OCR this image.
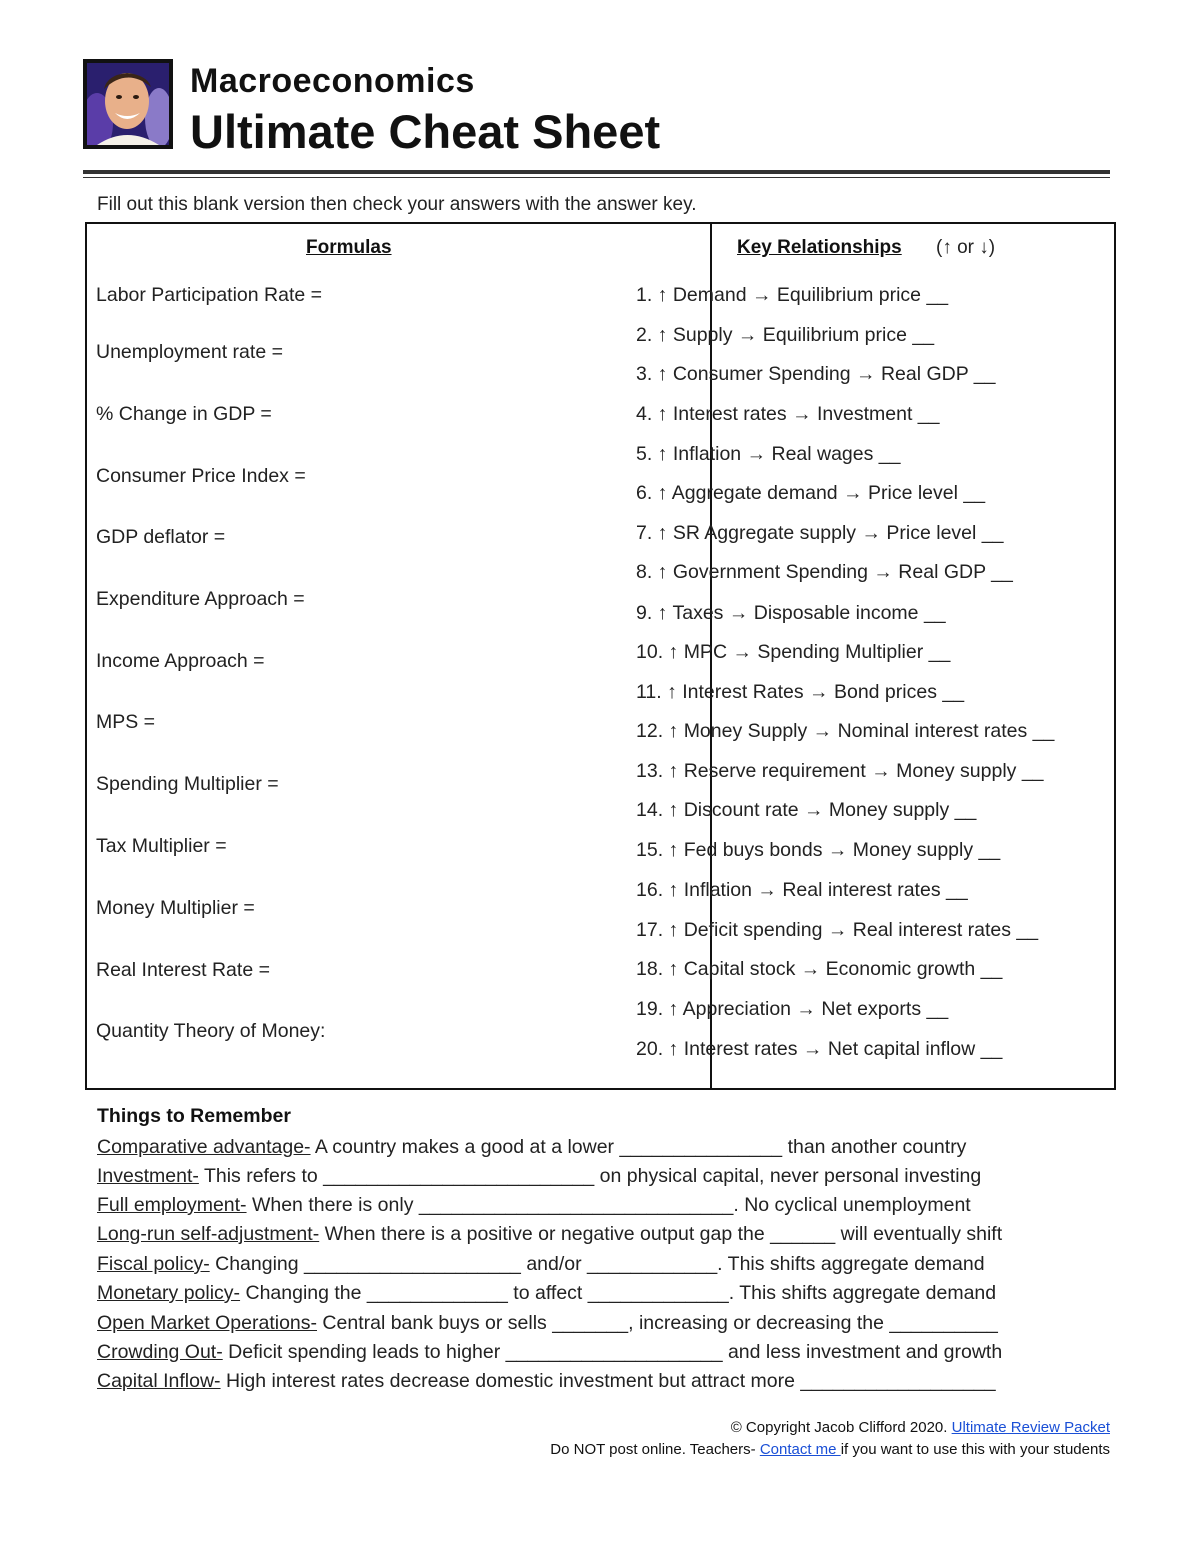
Macroeconomics
Ultimate Cheat Sheet
Fill out this blank version then check your answers with the answer key.
Formulas	Key Relationships (↑ or ↓)
Labor Participation Rate =
Unemployment rate =
% Change in GDP =
Consumer Price Index =
GDP deflator =
Expenditure Approach =
Income Approach =
MPS =
Spending Multiplier =
Tax Multiplier =
Money Multiplier =
Real Interest Rate =
Quantity Theory of Money:
1. ↑ Demand → Equilibrium price __
2. ↑ Supply → Equilibrium price __
3. ↑ Consumer Spending → Real GDP __
4. ↑ Interest rates → Investment __
5. ↑ Inflation → Real wages __
6. ↑ Aggregate demand → Price level __
7. ↑ SR Aggregate supply → Price level __
8. ↑ Government Spending → Real GDP __
9. ↑ Taxes → Disposable income __
10. ↑ MPC → Spending Multiplier __
11. ↑ Interest Rates → Bond prices __
12. ↑ Money Supply → Nominal interest rates __
13. ↑ Reserve requirement → Money supply __
14. ↑ Discount rate → Money supply __
15. ↑ Fed buys bonds → Money supply __
16. ↑ Inflation → Real interest rates __
17. ↑ Deficit spending → Real interest rates __
18. ↑ Capital stock → Economic growth __
19. ↑ Appreciation → Net exports __
20. ↑ Interest rates → Net capital inflow __
Things to Remember
Comparative advantage- A country makes a good at a lower _______________ than another country
Investment- This refers to _________________________ on physical capital, never personal investing
Full employment- When there is only _____________________________. No cyclical unemployment
Long-run self-adjustment- When there is a positive or negative output gap the ______ will eventually shift
Fiscal policy- Changing ____________________ and/or ____________. This shifts aggregate demand
Monetary policy- Changing the _____________ to affect _____________. This shifts aggregate demand
Open Market Operations- Central bank buys or sells _______, increasing or decreasing the __________
Crowding Out- Deficit spending leads to higher ____________________ and less investment and growth
Capital Inflow- High interest rates decrease domestic investment but attract more __________________
© Copyright Jacob Clifford 2020. Ultimate Review Packet
Do NOT post online. Teachers- Contact me if you want to use this with your students
